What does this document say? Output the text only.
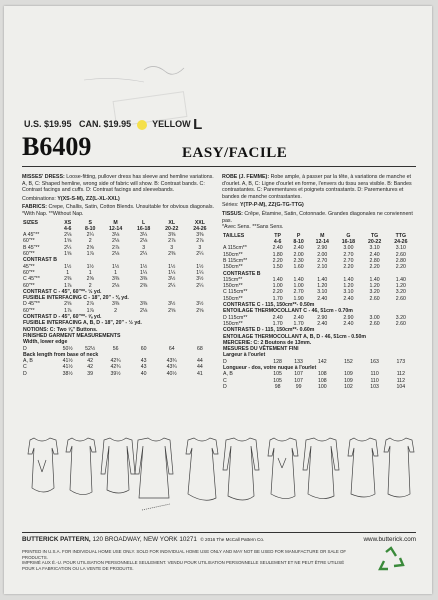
U.S. $19.95 CAN. $19.95 YELLOW L
B6409	EASY/FACILE

MISSES' DRESS: Loose-fitting, pullover dress has sleeve and hemline variations. A, B, C: Shaped hemline, wrong side of fabric will show. B: Contrast bands. C: Contrast facings and cuffs. D: Contrast facings and sleevebands.

Combinations: Y(XS-S-M), ZZ(L-XL-XXL)

FABRICS: Crepe, Challis, Satin, Cotton Blends. Unsuitable for obvious diagonals.
*With Nap. **Without Nap.

SIZES	XS	S	M	L	XL	XXL
	4-6	8-10	12-14	16-18	20-22	24-26
A 45"**	2⅛	2¼	3⅛	3¼	3⅜	3⅜
60"**	1⅝	2	2⅛	2⅛	2⅞	2⅞
B 45"**	2¼	2⅝	2⅞	3	3	3
60"**	1⅝	1⅞	2⅛	2¼	2⅜	2¼
CONTRAST B						
45"**	1½	1½	1½	1½	1½	1½
60"**	1	1	1	1¼	1¼	1¼
C 45"**	2⅜	2⅝	3⅜	3⅜	3½	3½
60"**	1⅞	2	2⅛	2⅜	2¼	2¼
CONTRAST C - 45", 60"**- ½ yd.						
FUSIBLE INTERFACING C - 18", 20" - ⅜ yd.						
D 45"**	2⅝	2⅞	3⅜	3⅜	3½	3½
60"**	1⅞	1⅞	2	2⅛	2⅝	2⅝
CONTRAST D - 45", 60"**- ⅝ yd.						
FUSIBLE INTERFACING A, B, D - 18", 20" - ½ yd.						
NOTIONS: C: Two ⅝" Buttons.						
FINISHED GARMENT MEASUREMENTS						
Width, lower edge						
D	50½	52½	56	60	64	68
Back length from base of neck						
A, B	41½	42	42¾	43	43¾	44
C	41½	42	42¾	43	43¾	44
D	38½	39	39½	40	40½	41

ROBE (J. FEMME): Robe ample, à passer par la tête, à variations de manche et d'ourlet. A, B, C: Ligne d'ourlet en forme, l'envers du tissu sera visible. B: Bandes contrastantes. C: Parementures et poignets contrastants. D: Parementures et bandes de manche contrastantes.

Séries: Y(TP-P-M), ZZ(G-TG-TTG)

TISSUS: Crêpe, Étamine, Satin, Cotonnade. Grandes diagonales ne conviennent pas.
*Avec Sens. **Sans Sens.

TAILLES	TP	P	M	G	TG	TTG
	4-6	8-10	12-14	16-18	20-22	24-26
A 115cm**	2.40	2.40	2.90	3.00	3.10	3.10
150cm**	1.80	2.00	2.00	2.70	2.40	2.60
B 115cm**	2.20	2.30	2.70	2.70	2.80	2.80
150cm**	1.50	1.60	2.10	2.20	2.20	2.20
CONTRASTE B						
115cm**	1.40	1.40	1.40	1.40	1.40	1.40
150cm**	1.00	1.00	1.20	1.20	1.20	1.20
C 115cm**	2.20	2.70	3.10	3.10	3.20	3.20
150cm**	1.70	1.90	2.40	2.40	2.60	2.60
CONTRASTE C - 115, 150cm**- 0.50m						
ENTOILAGE THERMOCOLLANT C - 46, 51cm - 0.70m						
D 115cm**	2.40	2.40	2.90	2.90	3.00	3.20
150cm**	1.70	1.70	2.40	2.40	2.60	2.60
CONTRASTE D - 115, 150cm**- 0.60m						
ENTOILAGE THERMOCOLLANT A, B, D - 46, 51cm - 0.50m						
MERCERIE: C: 2 Boutons de 13mm.						
MESURES DU VÊTEMENT FINI						
Largeur à l'ourlet						
D	128	133	142	152	163	173
Longueur - dos, votre nuque à l'ourlet						
A, B	105	107	108	109	110	112
C	105	107	108	109	110	112
D	98	99	100	102	103	104
BUTTERICK PATTERN, 120 BROADWAY, NEW YORK 10271 © 2016 The McCall Pattern Co.	www.butterick.com
PRINTED IN U.S.A. FOR INDIVIDUAL HOME USE ONLY. SOLD FOR INDIVIDUAL HOME USE ONLY AND MAY NOT BE USED FOR MANUFACTURE OR SALE OF PRODUCTS.
IMPRIMÉ AUX É.-U. POUR UTILISATION PERSONNELLE SEULEMENT. VENDU POUR UTILISATION PERSONNELLE SEULEMENT ET NE PEUT ÊTRE UTILISÉ POUR LA FABRICATION OU LA VENTE DE PRODUITS.
